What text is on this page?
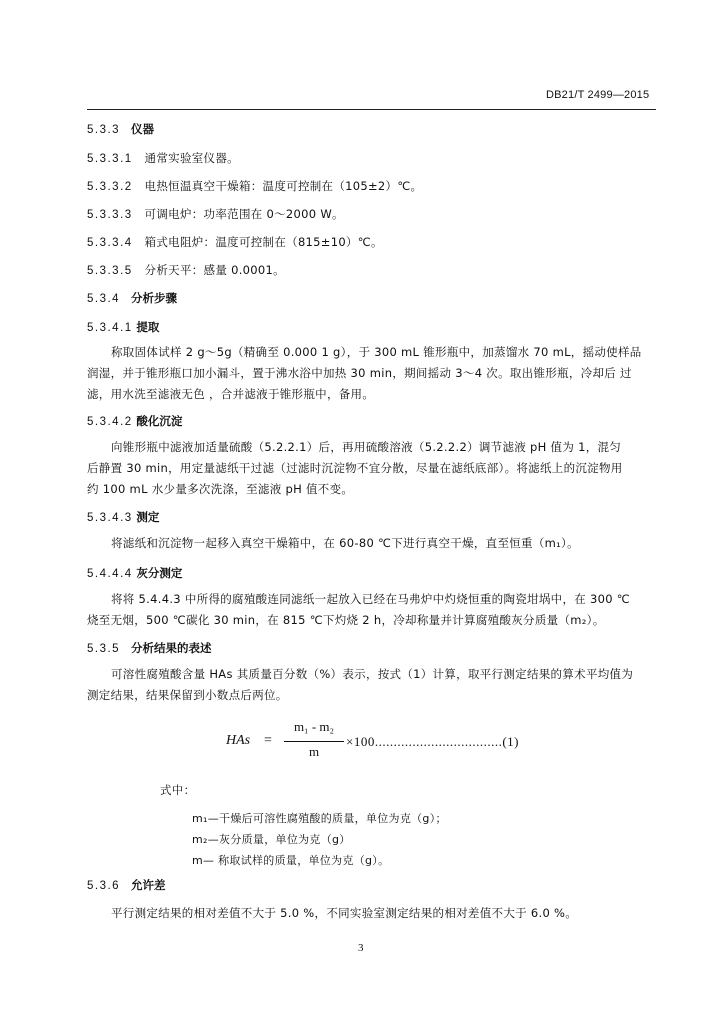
DB21/T 2499—2015
5.3.3 仪器
5.3.3.1 通常实验室仪器。
5.3.3.2 电热恒温真空干燥箱：温度可控制在（105±2）℃。
5.3.3.3 可调电炉：功率范围在 0～2000 W。
5.3.3.4 箱式电阻炉：温度可控制在（815±10）℃。
5.3.3.5 分析天平：感量 0.0001。
5.3.4 分析步骤
5.3.4.1 提取
称取固体试样 2 g～5g（精确至 0.000 1 g），于 300 mL 锥形瓶中，加蒸馏水 70 mL，摇动使样品
润湿，并于锥形瓶口加小漏斗，置于沸水浴中加热 30 min，期间摇动 3～4 次。取出锥形瓶，冷却后 过
滤，用水洗至滤液无色 ，合并滤液于锥形瓶中，备用。
5.3.4.2 酸化沉淀
向锥形瓶中滤液加适量硫酸（5.2.2.1）后，再用硫酸溶液（5.2.2.2）调节滤液 pH 值为 1，混匀
后静置 30 min，用定量滤纸干过滤（过滤时沉淀物不宜分散，尽量在滤纸底部）。将滤纸上的沉淀物用
约 100 mL 水少量多次洗涤，至滤液 pH 值不变。
5.3.4.3 测定
将滤纸和沉淀物一起移入真空干燥箱中，在 60-80 ℃下进行真空干燥，直至恒重（m₁）。
5.4.4.4 灰分测定
将将 5.4.4.3 中所得的腐殖酸连同滤纸一起放入已经在马弗炉中灼烧恒重的陶瓷坩埚中，在 300 ℃
烧至无烟，500 ℃碳化 30 min，在 815 ℃下灼烧 2 h，冷却称量并计算腐殖酸灰分质量（m₂）。
5.3.5 分析结果的表述
可溶性腐殖酸含量 HAs 其质量百分数（%）表示，按式（1）计算，取平行测定结果的算术平均值为
测定结果，结果保留到小数点后两位。
HAs =
m₁ - m₂
m
×100..................................(1)
式中：
m₁—干燥后可溶性腐殖酸的质量，单位为克（g）；
m₂—灰分质量，单位为克（g）
m— 称取试样的质量，单位为克（g）。
5.3.6 允许差
平行测定结果的相对差值不大于 5.0 %，不同实验室测定结果的相对差值不大于 6.0 %。
3
